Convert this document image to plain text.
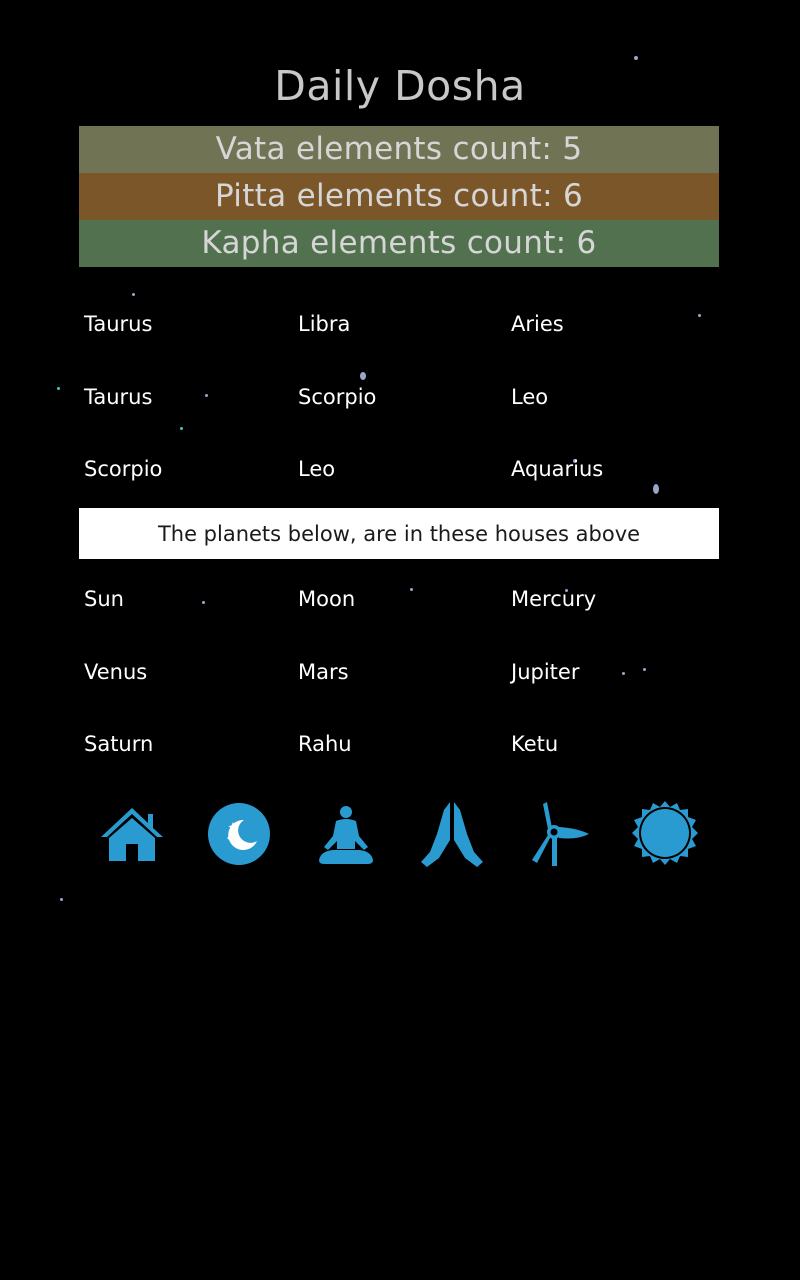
Daily Dosha
Vata elements count: 5
Pitta elements count: 6
Kapha elements count: 6
Taurus	Libra	Aries
Taurus	Scorpio	Leo
Scorpio	Leo	Aquarius
The planets below, are in these houses above
Sun	Moon	Mercury
Venus	Mars	Jupiter
Saturn	Rahu	Ketu
